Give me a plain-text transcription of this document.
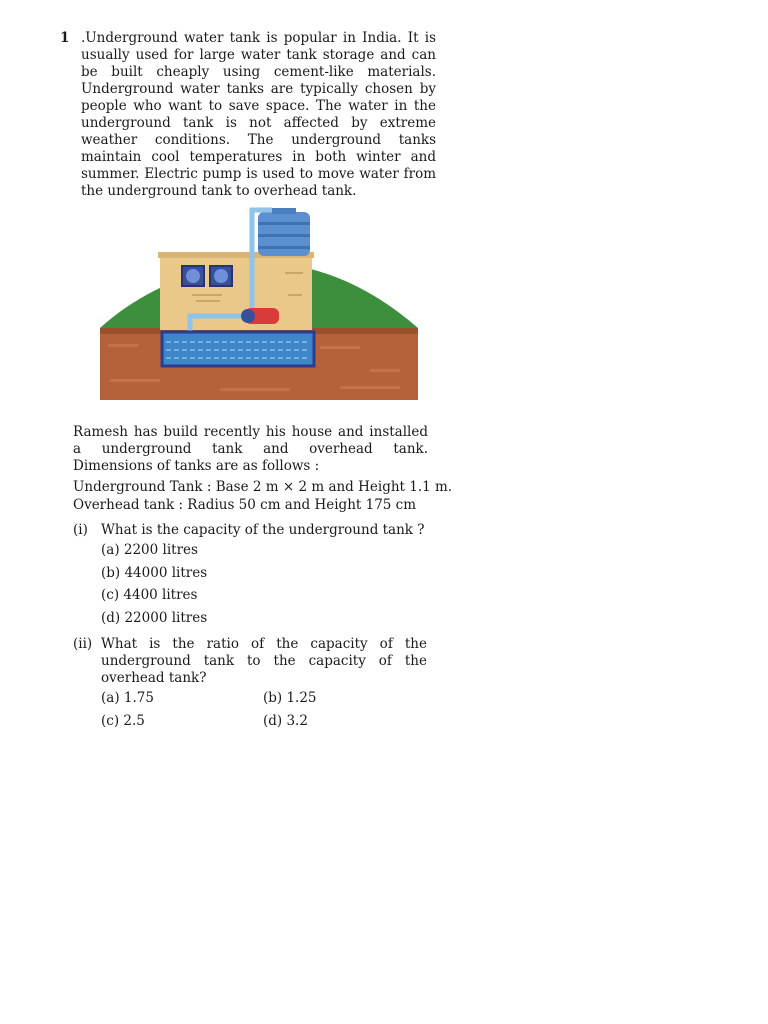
1 .Underground water tank is popular in India. It is usually used for large water tank storage and can be built cheaply using cement-like materials. Underground water tanks are typically chosen by people who want to save space. The water in the underground tank is not affected by extreme weather conditions. The underground tanks maintain cool temperatures in both winter and summer. Electric pump is used to move water from the underground tank to overhead tank.
Ramesh has build recently his house and installed a underground tank and overhead tank. Dimensions of tanks are as follows :
Underground Tank : Base 2 m × 2 m and Height 1.1 m.
Overhead tank : Radius 50 cm and Height 175 cm
(i) What is the capacity of the underground tank ?
(a) 2200 litres
(b) 44000 litres
(c) 4400 litres
(d) 22000 litres
(ii) What is the ratio of the capacity of the underground tank to the capacity of the overhead tank?
(a) 1.75	(b) 1.25
(c) 2.5	(d) 3.2
